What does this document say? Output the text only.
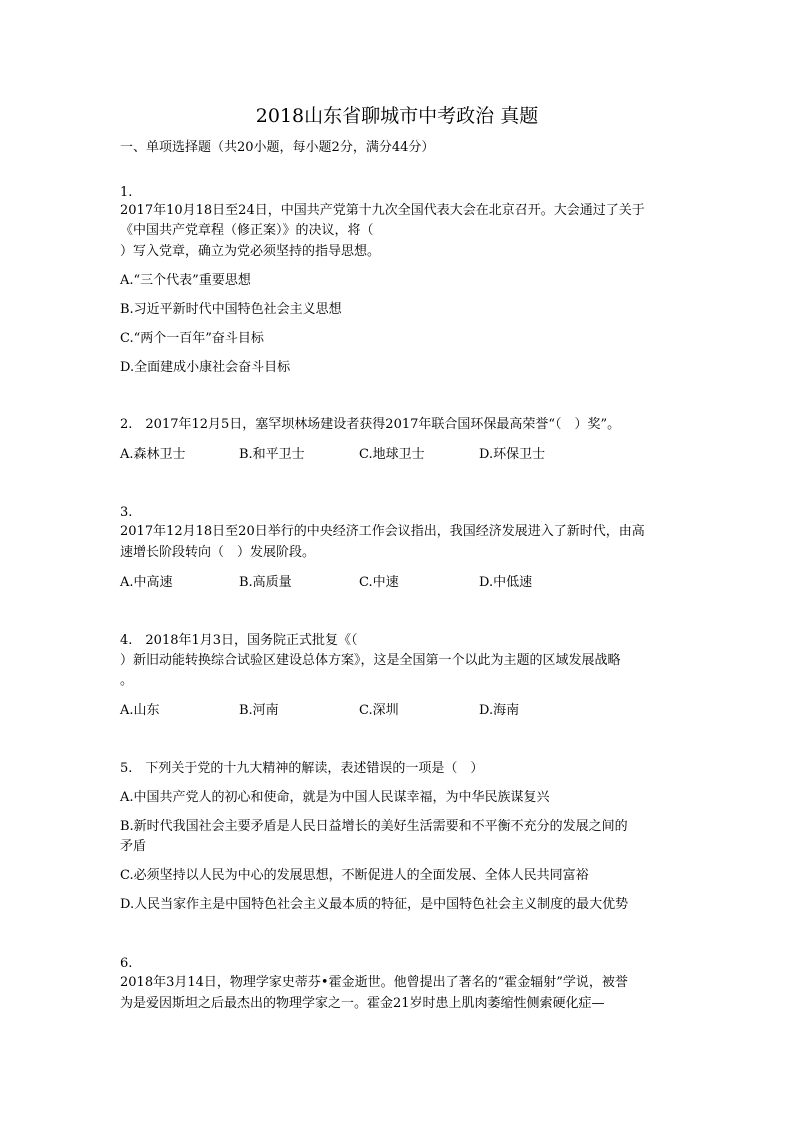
2018山东省聊城市中考政治 真题
一、单项选择题（共20小题，每小题2分，满分44分）
1.
2017年10月18日至24日，中国共产党第十九次全国代表大会在北京召开。大会通过了关于
《中国共产党章程（修正案）》的决议，将（
）写入党章，确立为党必须坚持的指导思想。
A.“三个代表”重要思想
B.习近平新时代中国特色社会主义思想
C.“两个一百年”奋斗目标
D.全面建成小康社会奋斗目标
2.　2017年12月5日，塞罕坝林场建设者获得2017年联合国环保最高荣誉“（　）奖”。
A.森林卫士	B.和平卫士	C.地球卫士	D.环保卫士
3.
2017年12月18日至20日举行的中央经济工作会议指出，我国经济发展进入了新时代，由高
速增长阶段转向（　）发展阶段。
A.中高速	B.高质量	C.中速	D.中低速
4.　2018年1月3日，国务院正式批复《（
）新旧动能转换综合试验区建设总体方案》，这是全国第一个以此为主题的区域发展战略
。
A.山东	B.河南	C.深圳	D.海南
5.　下列关于党的十九大精神的解读，表述错误的一项是（　）
A.中国共产党人的初心和使命，就是为中国人民谋幸福，为中华民族谋复兴
B.新时代我国社会主要矛盾是人民日益增长的美好生活需要和不平衡不充分的发展之间的
矛盾
C.必须坚持以人民为中心的发展思想，不断促进人的全面发展、全体人民共同富裕
D.人民当家作主是中国特色社会主义最本质的特征，是中国特色社会主义制度的最大优势
6.
2018年3月14日，物理学家史蒂芬•霍金逝世。他曾提出了著名的“霍金辐射”学说，被誉
为是爱因斯坦之后最杰出的物理学家之一。霍金21岁时患上肌肉萎缩性侧索硬化症—
